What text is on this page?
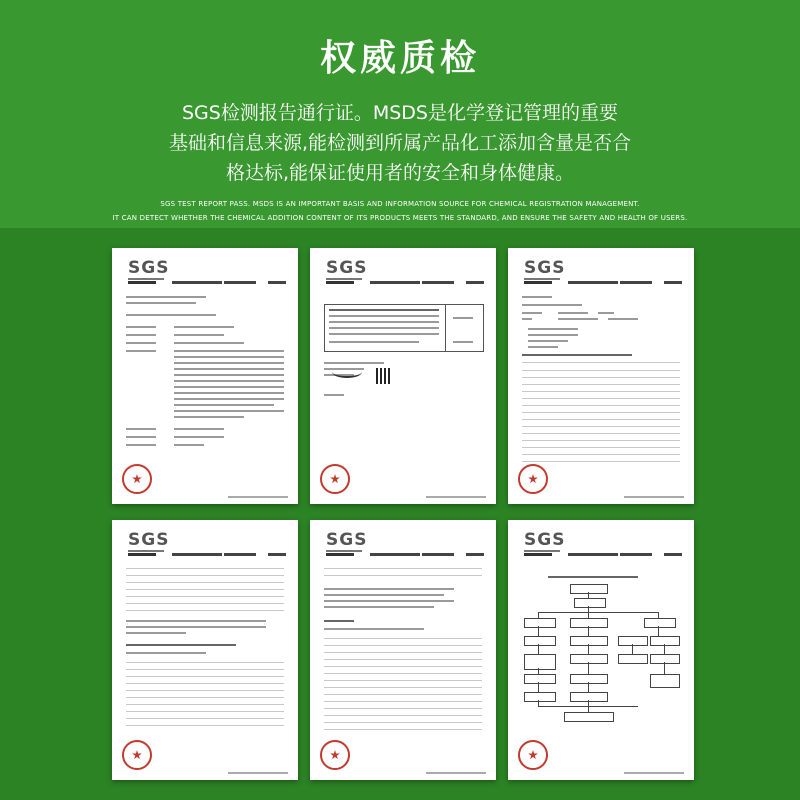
权威质检
SGS检测报告通行证。MSDS是化学登记管理的重要
基础和信息来源,能检测到所属产品化工添加含量是否合
格达标,能保证使用者的安全和身体健康。
SGS TEST REPORT PASS. MSDS IS AN IMPORTANT BASIS AND INFORMATION SOURCE FOR CHEMICAL REGISTRATION MANAGEMENT.
IT CAN DETECT WHETHER THE CHEMICAL ADDITION CONTENT OF ITS PRODUCTS MEETS THE STANDARD, AND ENSURE THE SAFETY AND HEALTH OF USERS.
SGS	SGS	SGS
SGS	SGS	SGS
